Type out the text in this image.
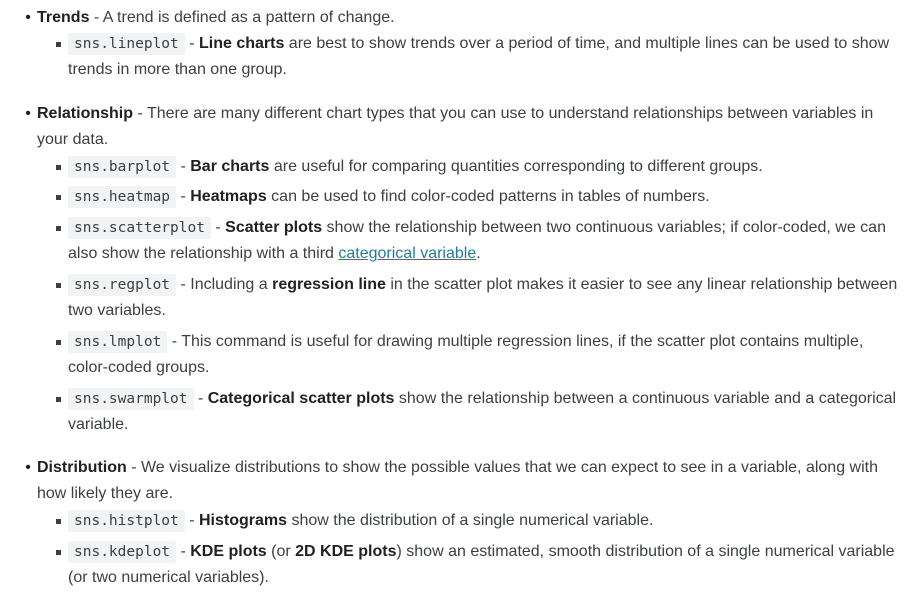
• Trends - A trend is defined as a pattern of change.
sns.lineplot - Line charts are best to show trends over a period of time, and multiple lines can be used to show
trends in more than one group.
• Relationship - There are many different chart types that you can use to understand relationships between variables in
your data.
sns.barplot - Bar charts are useful for comparing quantities corresponding to different groups.
sns.heatmap - Heatmaps can be used to find color-coded patterns in tables of numbers.
sns.scatterplot - Scatter plots show the relationship between two continuous variables; if color-coded, we can
also show the relationship with a third categorical variable.
sns.regplot - Including a regression line in the scatter plot makes it easier to see any linear relationship between
two variables.
sns.lmplot - This command is useful for drawing multiple regression lines, if the scatter plot contains multiple,
color-coded groups.
sns.swarmplot - Categorical scatter plots show the relationship between a continuous variable and a categorical
variable.
• Distribution - We visualize distributions to show the possible values that we can expect to see in a variable, along with
how likely they are.
sns.histplot - Histograms show the distribution of a single numerical variable.
sns.kdeplot - KDE plots (or 2D KDE plots) show an estimated, smooth distribution of a single numerical variable
(or two numerical variables).
